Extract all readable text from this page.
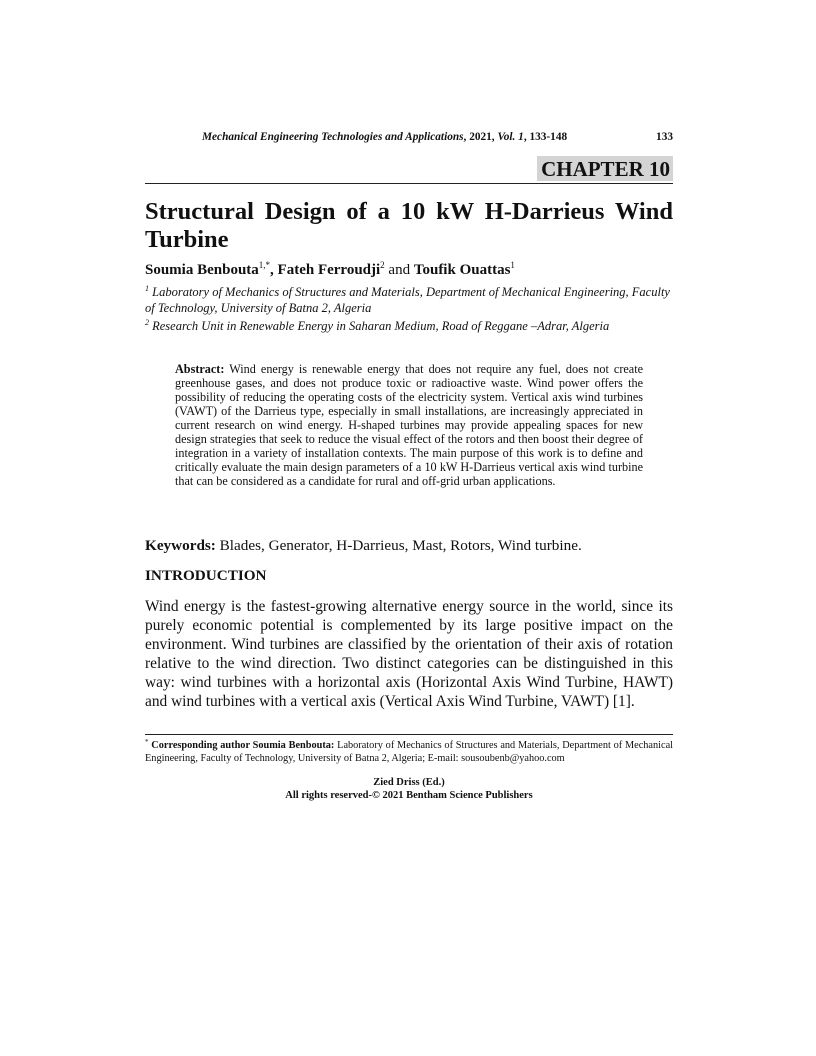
Mechanical Engineering Technologies and Applications, 2021, Vol. 1, 133-148	133
CHAPTER 10
Structural Design of a 10 kW H-Darrieus Wind Turbine
Soumia Benbouta$^{1,*}$, Fateh Ferroudji$^2$ and Toufik Ouattas$^1$

$^1$ Laboratory of Mechanics of Structures and Materials, Department of Mechanical Engineering, Faculty of Technology, University of Batna 2, Algeria

$^2$ Research Unit in Renewable Energy in Saharan Medium, Road of Reggane –Adrar, Algeria

Abstract: Wind energy is renewable energy that does not require any fuel, does not create greenhouse gases, and does not produce toxic or radioactive waste. Wind power offers the possibility of reducing the operating costs of the electricity system. Vertical axis wind turbines (VAWT) of the Darrieus type, especially in small installations, are increasingly appreciated in current research on wind energy. H-shaped turbines may provide appealing spaces for new design strategies that seek to reduce the visual effect of the rotors and then boost their degree of integration in a variety of installation contexts. The main purpose of this work is to define and critically evaluate the main design parameters of a 10 kW H-Darrieus vertical axis wind turbine that can be considered as a candidate for rural and off-grid urban applications.

Keywords: Blades, Generator, H-Darrieus, Mast, Rotors, Wind turbine.

INTRODUCTION

Wind energy is the fastest-growing alternative energy source in the world, since its purely economic potential is complemented by its large positive impact on the environment. Wind turbines are classified by the orientation of their axis of rotation relative to the wind direction. Two distinct categories can be distinguished in this way: wind turbines with a horizontal axis (Horizontal Axis Wind Turbine, HAWT) and wind turbines with a vertical axis (Vertical Axis Wind Turbine, VAWT) [1].

* Corresponding author Soumia Benbouta: Laboratory of Mechanics of Structures and Materials, Department of Mechanical Engineering, Faculty of Technology, University of Batna 2, Algeria; E-mail: sousoubenb@yahoo.com

Zied Driss (Ed.)
All rights reserved-© 2021 Bentham Science Publishers
